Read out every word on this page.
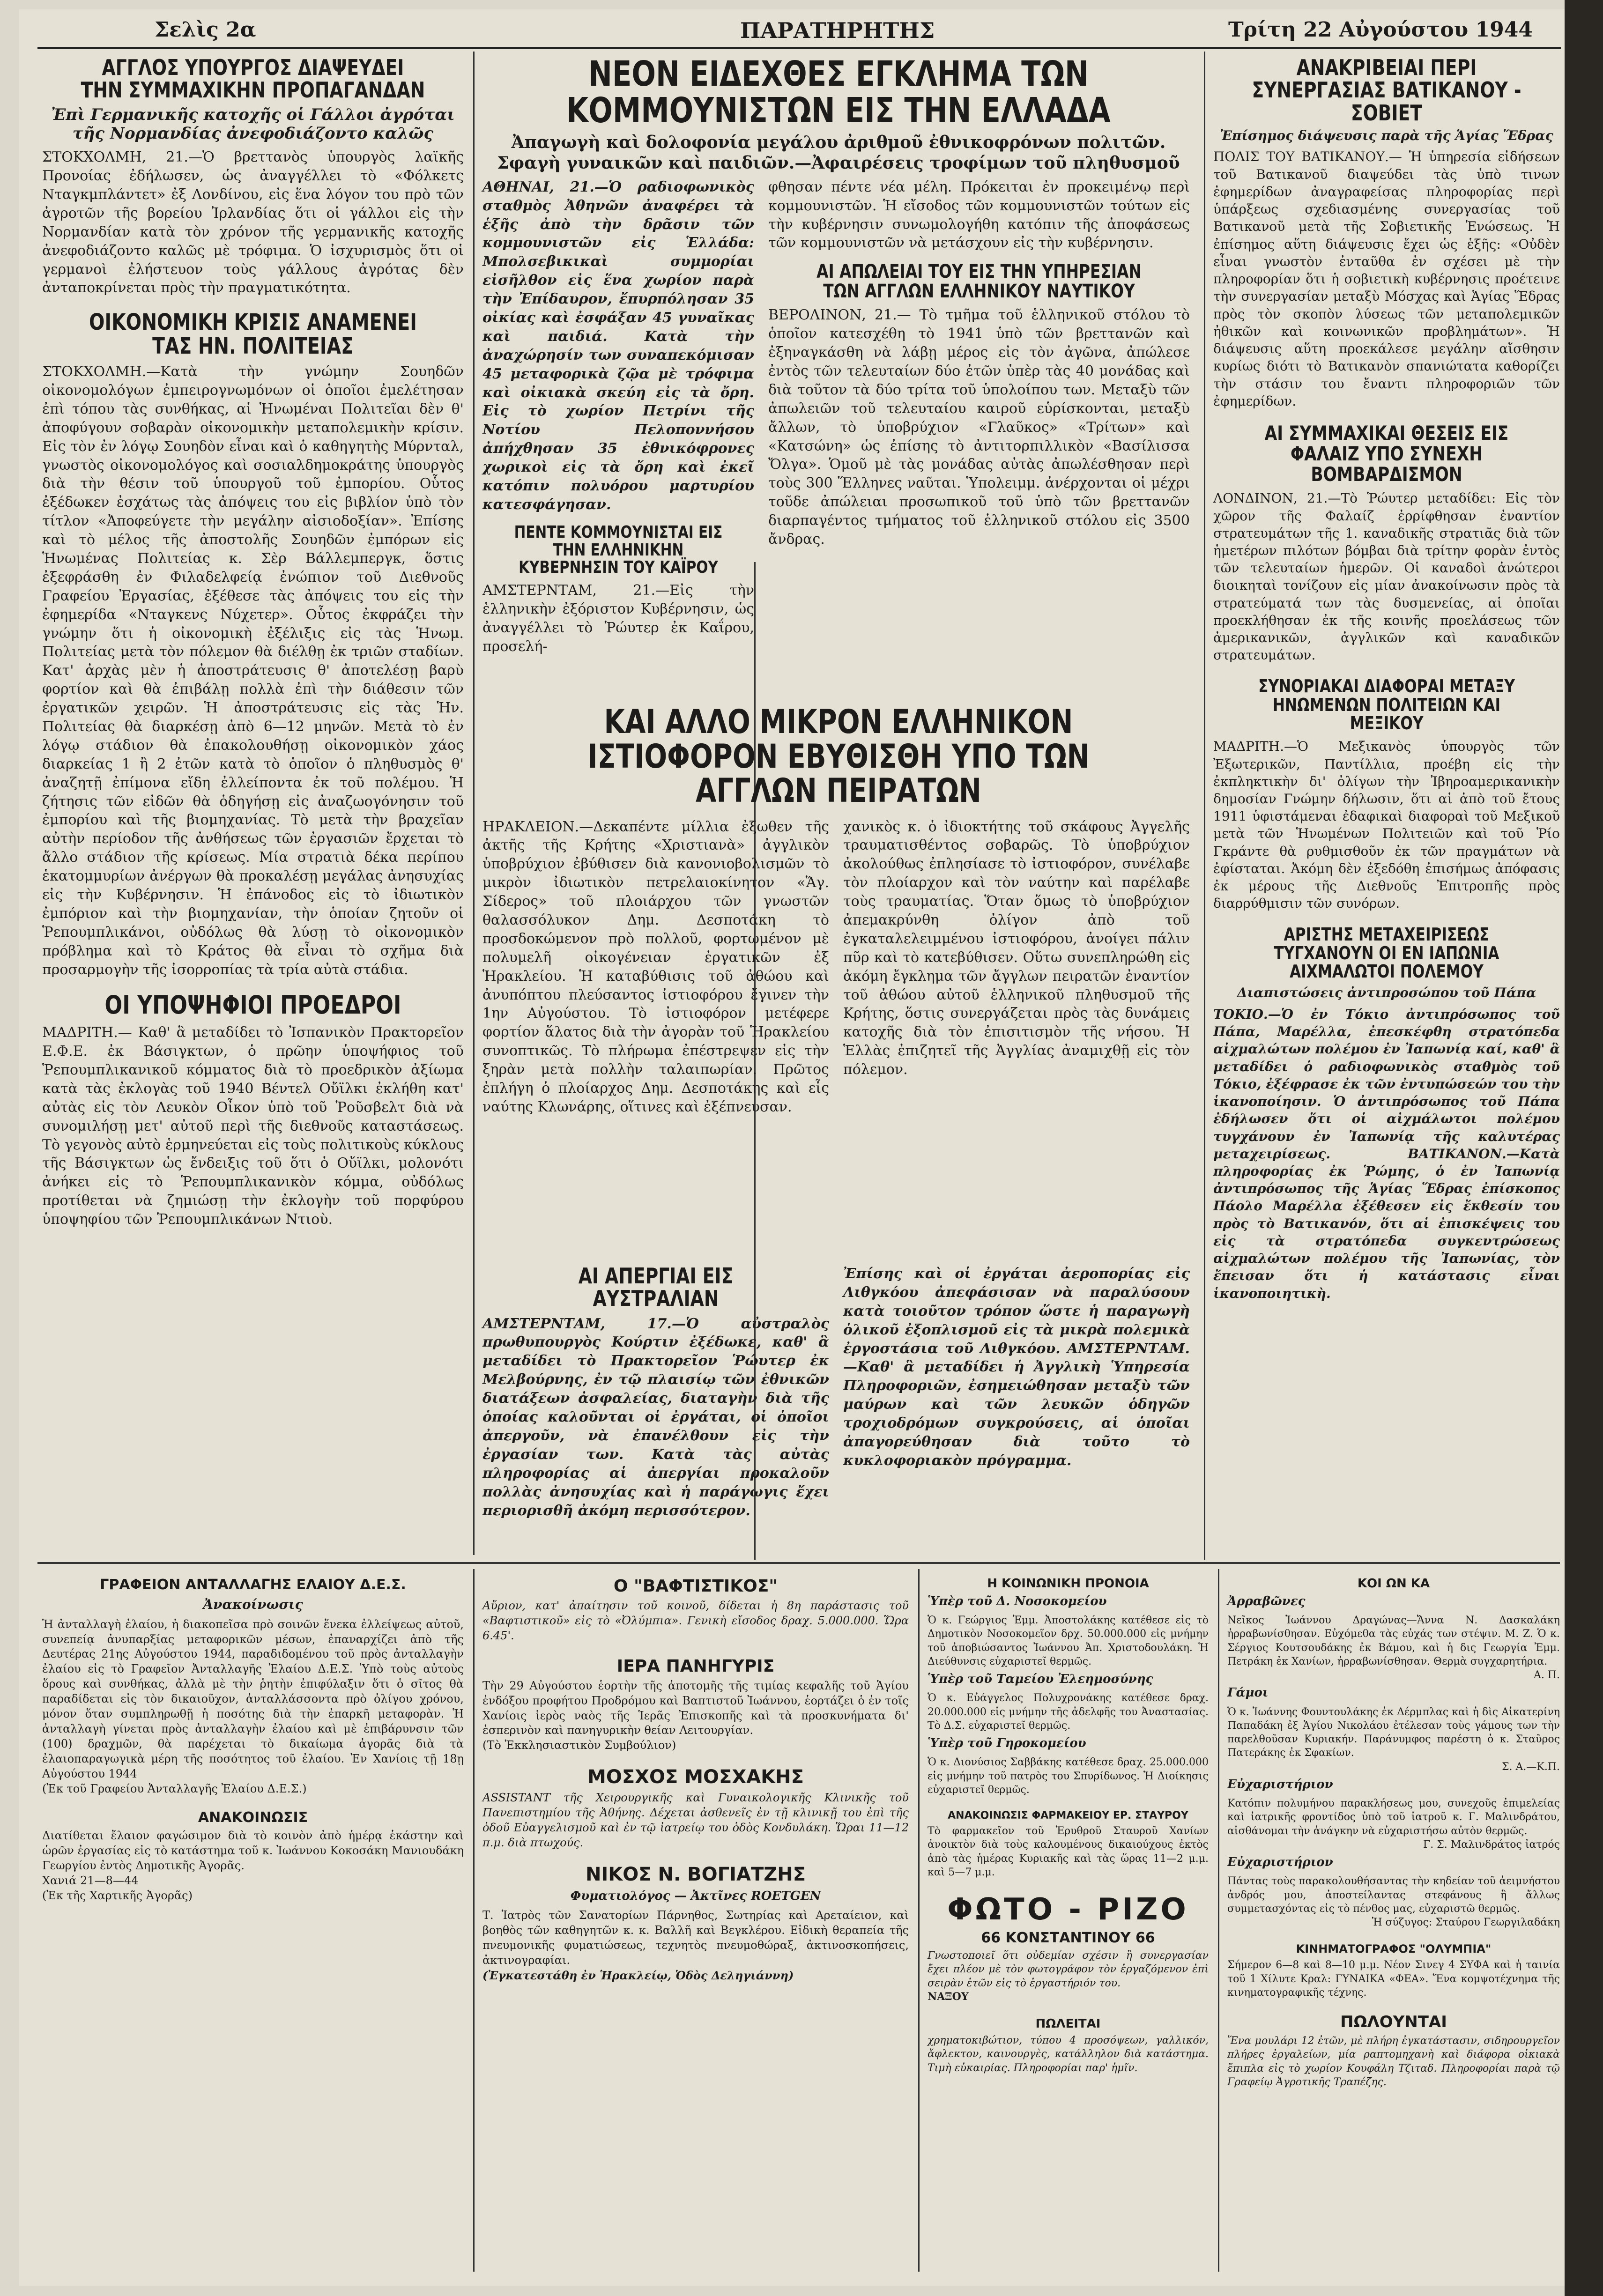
Σελὶς 2α	ΠΑΡΑΤΗΡΗΤΗΣ	Τρίτη 22 Αὐγούστου 1944
ΑΓΓΛΟΣ ΥΠΟΥΡΓΟΣ ΔΙΑΨΕΥΔΕΙ ΤΗΝ ΣΥΜΜΑΧΙΚΗΝ ΠΡΟΠΑΓΑΝΔΑΝ
Ἐπὶ Γερμανικῆς κατοχῆς οἱ Γάλλοι ἀγρόται τῆς Νορμανδίας ἀνεφοδιάζοντο καλῶς
ΣΤΟΚΧΟΛΜΗ, 21.—Ὁ βρεττανὸς ὑπουργὸς λαϊκῆς Προνοίας ἐδήλωσεν, ὡς ἀναγγέλλει τὸ «Φόλκετς Νταγκμπλάντετ» ἐξ Λονδίνου, εἰς ἕνα λόγον του πρὸ τῶν ἀγροτῶν τῆς βορείου Ἰρλανδίας ὅτι οἱ γάλλοι εἰς τὴν Νορμανδίαν κατὰ τὸν χρόνον τῆς γερμανικῆς κατοχῆς ἀνεφοδιάζοντο καλῶς μὲ τρόφιμα. Ὁ ἰσχυρισμὸς ὅτι οἱ γερμανοὶ ἐλήστευον τοὺς γάλλους ἀγρότας δὲν ἀνταποκρίνεται πρὸς τὴν πραγματικότητα.
ΟΙΚΟΝΟΜΙΚΗ ΚΡΙΣΙΣ ΑΝΑΜΕΝΕΙ ΤΑΣ ΗΝ. ΠΟΛΙΤΕΙΑΣ
ΣΤΟΚΧΟΛΜΗ.—Κατὰ τὴν γνώμην Σουηδῶν οἰκονομολόγων ἐμπειρογνωμόνων οἱ ὁποῖοι ἐμελέτησαν ἐπὶ τόπου τὰς συνθήκας, αἱ Ἡνωμέναι Πολιτεῖαι δὲν θ' ἀποφύγουν σοβαρὰν οἰκονομικὴν μεταπολεμικὴν κρίσιν. Εἰς τὸν ἐν λόγῳ Σουηδὸν εἶναι καὶ ὁ καθηγητὴς Μύρνταλ, γνωστὸς οἰκονομολόγος καὶ σοσιαλδημοκράτης ὑπουργὸς διὰ τὴν θέσιν τοῦ ὑπουργοῦ τοῦ ἐμπορίου. Οὗτος ἐξέδωκεν ἐσχάτως τὰς ἀπόψεις του εἰς βιβλίον ὑπὸ τὸν τίτλον «Ἀποφεύγετε τὴν μεγάλην αἰσιοδοξίαν». Ἐπίσης καὶ τὸ μέλος τῆς ἀποστολῆς Σουηδῶν ἐμπόρων εἰς Ἡνωμένας Πολιτείας κ. Σὲρ Βάλλεμπεργκ, ὅστις ἐξεφράσθη ἐν Φιλαδελφείᾳ ἐνώπιον τοῦ Διεθνοῦς Γραφείου Ἐργασίας, ἐξέθεσε τὰς ἀπόψεις του εἰς τὴν ἐφημερίδα «Νταγκενς Νύχετερ». Οὗτος ἐκφράζει τὴν γνώμην ὅτι ἡ οἰκονομικὴ ἐξέλιξις εἰς τὰς Ἡνωμ. Πολιτείας μετὰ τὸν πόλεμον θὰ διέλθῃ ἐκ τριῶν σταδίων. Κατ' ἀρχὰς μὲν ἡ ἀποστράτευσις θ' ἀποτελέσῃ βαρὺ φορτίον καὶ θὰ ἐπιβάλῃ πολλὰ ἐπὶ τὴν διάθεσιν τῶν ἐργατικῶν χειρῶν. Ἡ ἀποστράτευσις εἰς τὰς Ἡν. Πολιτείας θὰ διαρκέσῃ ἀπὸ 6—12 μηνῶν. Μετὰ τὸ ἐν λόγῳ στάδιον θὰ ἐπακολουθήσῃ οἰκονομικὸν χάος διαρκείας 1 ἢ 2 ἐτῶν κατὰ τὸ ὁποῖον ὁ πληθυσμὸς θ' ἀναζητῇ ἐπίμονα εἴδη ἐλλείποντα ἐκ τοῦ πολέμου. Ἡ ζήτησις τῶν εἰδῶν θὰ ὁδηγήσῃ εἰς ἀναζωογόνησιν τοῦ ἐμπορίου καὶ τῆς βιομηχανίας. Τὸ μετὰ τὴν βραχεῖαν αὐτὴν περίοδον τῆς ἀνθήσεως τῶν ἐργασιῶν ἔρχεται τὸ ἄλλο στάδιον τῆς κρίσεως. Μία στρατιὰ δέκα περίπου ἑκατομμυρίων ἀνέργων θὰ προκαλέσῃ μεγάλας ἀνησυχίας εἰς τὴν Κυβέρνησιν. Ἡ ἐπάνοδος εἰς τὸ ἰδιωτικὸν ἐμπόριον καὶ τὴν βιομηχανίαν, τὴν ὁποίαν ζητοῦν οἱ Ῥεπουμπλικάνοι, οὐδόλως θὰ λύσῃ τὸ οἰκονομικὸν πρόβλημα καὶ τὸ Κράτος θὰ εἶναι τὸ σχῆμα διὰ προσαρμογὴν τῆς ἰσορροπίας τὰ τρία αὐτὰ στάδια.
ΟΙ ΥΠΟΨΗΦΙΟΙ ΠΡΟΕΔΡΟΙ
ΜΑΔΡΙΤΗ.— Καθ' ἃ μεταδίδει τὸ Ἰσπανικὸν Πρακτορεῖον Ε.Φ.Ε. ἐκ Βάσιγκτων, ὁ πρῶην ὑποψήφιος τοῦ Ῥεπουμπλικανικοῦ κόμματος διὰ τὸ προεδρικὸν ἀξίωμα κατὰ τὰς ἐκλογὰς τοῦ 1940 Βέντελ Οὔϊλκι ἐκλήθη κατ' αὐτὰς εἰς τὸν Λευκὸν Οἶκον ὑπὸ τοῦ Ῥοῦσβελτ διὰ νὰ συνομιλήσῃ μετ' αὐτοῦ περὶ τῆς διεθνοῦς καταστάσεως. Τὸ γεγονὸς αὐτὸ ἑρμηνεύεται εἰς τοὺς πολιτικοὺς κύκλους τῆς Βάσιγκτων ὡς ἔνδειξις τοῦ ὅτι ὁ Οὔϊλκι, μολονότι ἀνήκει εἰς τὸ Ῥεπουμπλικανικὸν κόμμα, οὐδόλως προτίθεται νὰ ζημιώσῃ τὴν ἐκλογὴν τοῦ πορφύρου ὑποψηφίου τῶν Ῥεπουμπλικάνων Ντιοὺ.
ΝΕΟΝ ΕΙΔΕΧΘΕΣ ΕΓΚΛΗΜΑ ΤΩΝ ΚΟΜΜΟΥΝΙΣΤΩΝ ΕΙΣ ΤΗΝ ΕΛΛΑΔΑ
Ἀπαγωγὴ καὶ δολοφονία μεγάλου ἀριθμοῦ ἐθνικοφρόνων πολιτῶν. Σφαγὴ γυναικῶν καὶ παιδιῶν.—Ἀφαιρέσεις τροφίμων τοῦ πληθυσμοῦ
ΑΘΗΝΑΙ, 21.—Ὁ ραδιοφωνικὸς σταθμὸς Ἀθηνῶν ἀναφέρει τὰ ἑξῆς ἀπὸ τὴν δρᾶσιν τῶν κομμουνιστῶν εἰς Ἑλλάδα: Μπολσεβικικαὶ συμμορίαι εἰσῆλθον εἰς ἕνα χωρίον παρὰ τὴν Ἐπίδαυρον, ἔπυρπόλησαν 35 οἰκίας καὶ ἐσφάξαν 45 γυναῖκας καὶ παιδιά. Κατὰ τὴν ἀναχώρησίν των συναπεκόμισαν 45 μεταφορικὰ ζῷα μὲ τρόφιμα καὶ οἰκιακὰ σκεύη εἰς τὰ ὄρη. Εἰς τὸ χωρίον Πετρίνι τῆς Νοτίου Πελοποννήσου ἀπήχθησαν 35 ἐθνικόφρονες χωρικοὶ εἰς τὰ ὄρη καὶ ἐκεῖ κατόπιν πολυόρου μαρτυρίου κατεσφάγησαν.
ΠΕΝΤΕ ΚΟΜΜΟΥΝΙΣΤΑΙ ΕΙΣ ΤΗΝ ΕΛΛΗΝΙΚΗΝ ΚΥΒΕΡΝΗΣΙΝ ΤΟΥ ΚΑΪΡΟΥ
ΑΜΣΤΕΡΝΤΑΜ, 21.—Εἰς τὴν ἑλληνικὴν ἐξόριστον Κυβέρνησιν, ὡς ἀναγγέλλει τὸ Ῥώυτερ ἐκ Καΐρου, προσελή-
φθησαν πέντε νέα μέλη. Πρόκειται ἐν προκειμένῳ περὶ κομμουνιστῶν. Ἡ εἴσοδος τῶν κομμουνιστῶν τούτων εἰς τὴν κυβέρνησιν συνωμολογήθη κατόπιν τῆς ἀποφάσεως τῶν κομμουνιστῶν νὰ μετάσχουν εἰς τὴν κυβέρνησιν.
ΑΙ ΑΠΩΛΕΙΑΙ ΤΟΥ ΕΙΣ ΤΗΝ ΥΠΗΡΕΣΙΑΝ ΤΩΝ ΑΓΓΛΩΝ ΕΛΛΗΝΙΚΟΥ ΝΑΥΤΙΚΟΥ
ΒΕΡΟΛΙΝΟΝ, 21.— Τὸ τμῆμα τοῦ ἑλληνικοῦ στόλου τὸ ὁποῖον κατεσχέθη τὸ 1941 ὑπὸ τῶν βρεττανῶν καὶ ἐξηναγκάσθη νὰ λάβῃ μέρος εἰς τὸν ἀγῶνα, ἀπώλεσε ἐντὸς τῶν τελευταίων δύο ἐτῶν ὑπὲρ τὰς 40 μονάδας καὶ διὰ τοῦτον τὰ δύο τρίτα τοῦ ὑπολοίπου των. Μεταξὺ τῶν ἀπωλειῶν τοῦ τελευταίου καιροῦ εὑρίσκονται, μεταξὺ ἄλλων, τὸ ὑποβρύχιον «Γλαῦκος» «Τρίτων» καὶ «Κατσώνη» ὡς ἐπίσης τὸ ἀντιτορπιλλικὸν «Βασίλισσα Ὄλγα». Ὁμοῦ μὲ τὰς μονάδας αὐτὰς ἀπωλέσθησαν περὶ τοὺς 300 Ἕλληνες ναῦται. Ὑπολειμμ. ἀνέρχονται οἱ μέχρι τοῦδε ἀπώλειαι προσωπικοῦ τοῦ ὑπὸ τῶν βρεττανῶν διαρπαγέντος τμήματος τοῦ ἑλληνικοῦ στόλου εἰς 3500 ἄνδρας.
ΚΑΙ ΑΛΛΟ ΜΙΚΡΟΝ ΕΛΛΗΝΙΚΟΝ ΙΣΤΙΟΦΟΡΟΝ ΕΒΥΘΙΣΘΗ ΥΠΟ ΤΩΝ ΑΓΓΛΩΝ ΠΕΙΡΑΤΩΝ
ΗΡΑΚΛΕΙΟΝ.—Δεκαπέντε μίλλια ἐξωθεν τῆς ἀκτῆς τῆς Κρήτης «Χριστιανὰ» ἀγγλικὸν ὑποβρύχιον ἐβύθισεν διὰ κανονιοβολισμῶν τὸ μικρὸν ἰδιωτικὸν πετρελαιοκίνητον «Ἅγ. Σίδερος» τοῦ πλοιάρχου τῶν γνωστῶν θαλασσόλυκον Δημ. Δεσποτάκη τὸ προσδοκώμενον πρὸ πολλοῦ, φορτωμένον μὲ πολυμελῆ οἰκογένειαν ἐργατικῶν ἐξ Ἡρακλείου. Ἡ καταβύθισις τοῦ ἀθώου καὶ ἀνυπόπτου πλεύσαντος ἰστιοφόρου ἔγινεν τὴν 1ην Αὐγούστου. Τὸ ἰστιοφόρον μετέφερε φορτίον ἅλατος διὰ τὴν ἀγορὰν τοῦ Ἡρακλείου συνοπτικῶς. Τὸ πλήρωμα ἐπέστρεψεν εἰς τὴν ξηρὰν μετὰ πολλὴν ταλαιπωρίαν. Πρῶτος ἐπλήγη ὁ πλοίαρχος Δημ. Δεσποτάκης καὶ εἷς ναύτης Κλωνάρης, οἵτινες καὶ ἐξέπνευσαν.
χανικὸς κ. ὁ ἰδιοκτήτης τοῦ σκάφους Ἀγγελῆς τραυματισθέντος σοβαρῶς. Τὸ ὑποβρύχιον ἀκολούθως ἐπλησίασε τὸ ἰστιοφόρον, συνέλαβε τὸν πλοίαρχον καὶ τὸν ναύτην καὶ παρέλαβε τοὺς τραυματίας. Ὅταν ὅμως τὸ ὑποβρύχιον ἀπεμακρύνθη ὀλίγον ἀπὸ τοῦ ἐγκαταλελειμμένου ἰστιοφόρου, ἀνοίγει πάλιν πῦρ καὶ τὸ κατεβύθισεν. Οὕτω συνεπληρώθη εἰς ἀκόμη ἔγκλημα τῶν ἄγγλων πειρατῶν ἐναντίον τοῦ ἀθώου αὐτοῦ ἑλληνικοῦ πληθυσμοῦ τῆς Κρήτης, ὅστις συνεργάζεται πρὸς τὰς δυνάμεις κατοχῆς διὰ τὸν ἐπισιτισμὸν τῆς νήσου. Ἡ Ἑλλὰς ἐπιζητεῖ τῆς Ἀγγλίας ἀναμιχθῇ εἰς τὸν πόλεμον.
ΑΙ ΑΠΕΡΓΙΑΙ ΕΙΣ ΑΥΣΤΡΑΛΙΑΝ
ΑΜΣΤΕΡΝΤΑΜ, 17.—Ὁ αὐστραλὸς πρωθυπουργὸς Κούρτιν ἐξέδωκε, καθ' ἃ μεταδίδει τὸ Πρακτορεῖον Ῥώυτερ ἐκ Μελβούρνης, ἐν τῷ πλαισίῳ τῶν ἐθνικῶν διατάξεων ἀσφαλείας, διαταγὴν διὰ τῆς ὁποίας καλοῦνται οἱ ἐργάται, οἱ ὁποῖοι ἀπεργοῦν, νὰ ἐπανέλθουν εἰς τὴν ἐργασίαν των. Κατὰ τὰς αὐτὰς πληροφορίας αἱ ἀπεργίαι προκαλοῦν πολλὰς ἀνησυχίας καὶ ἡ παράγωγις ἔχει περιορισθῆ ἀκόμη περισσότερον.
Ἐπίσης καὶ οἱ ἐργάται ἀεροπορίας εἰς Λιθγκόου ἀπεφάσισαν νὰ παραλύσουν κατὰ τοιοῦτον τρόπον ὥστε ἡ παραγωγὴ ὁλικοῦ ἐξοπλισμοῦ εἰς τὰ μικρὰ πολεμικὰ ἐργοστάσια τοῦ Λιθγκόου. ΑΜΣΤΕΡΝΤΑΜ.—Καθ' ἃ μεταδίδει ἡ Ἀγγλικὴ Ὑπηρεσία Πληροφοριῶν, ἐσημειώθησαν μεταξὺ τῶν μαύρων καὶ τῶν λευκῶν ὁδηγῶν τροχιοδρόμων συγκρούσεις, αἱ ὁποῖαι ἀπαγορεύθησαν διὰ τοῦτο τὸ κυκλοφοριακὸν πρόγραμμα.
ΑΝΑΚΡΙΒΕΙΑΙ ΠΕΡΙ ΣΥΝΕΡΓΑΣΙΑΣ ΒΑΤΙΚΑΝΟΥ - ΣΟΒΙΕΤ
Ἐπίσημος διάψευσις παρὰ τῆς Ἁγίας Ἕδρας
ΠΟΛΙΣ ΤΟΥ ΒΑΤΙΚΑΝΟΥ.— Ἡ ὑπηρεσία εἰδήσεων τοῦ Βατικανοῦ διαψεύδει τὰς ὑπὸ τινων ἐφημερίδων ἀναγραφείσας πληροφορίας περὶ ὑπάρξεως σχεδιασμένης συνεργασίας τοῦ Βατικανοῦ μετὰ τῆς Σοβιετικῆς Ἑνώσεως. Ἡ ἐπίσημος αὕτη διάψευσις ἔχει ὡς ἑξῆς: «Οὐδὲν εἶναι γνωστὸν ἐνταῦθα ἐν σχέσει μὲ τὴν πληροφορίαν ὅτι ἡ σοβιετικὴ κυβέρνησις προέτεινε τὴν συνεργασίαν μεταξὺ Μόσχας καὶ Ἁγίας Ἕδρας πρὸς τὸν σκοπὸν λύσεως τῶν μεταπολεμικῶν ἠθικῶν καὶ κοινωνικῶν προβλημάτων». Ἡ διάψευσις αὕτη προεκάλεσε μεγάλην αἴσθησιν κυρίως διότι τὸ Βατικανὸν σπανιώτατα καθορίζει τὴν στάσιν του ἔναντι πληροφοριῶν τῶν ἐφημερίδων.
ΑΙ ΣΥΜΜΑΧΙΚΑΙ ΘΕΣΕΙΣ ΕΙΣ ΦΑΛΑΙΖ ΥΠΟ ΣΥΝΕΧΗ ΒΟΜΒΑΡΔΙΣΜΟΝ
ΛΟΝΔΙΝΟΝ, 21.—Τὸ Ῥώυτερ μεταδίδει: Εἰς τὸν χῶρον τῆς Φαλαίζ ἐρρίφθησαν ἐναντίον στρατευμάτων τῆς 1. καναδικῆς στρατιᾶς διὰ τῶν ἡμετέρων πιλότων βόμβαι διὰ τρίτην φορὰν ἐντὸς τῶν τελευταίων ἡμερῶν. Οἱ καναδοὶ ἀνώτεροι διοικηταὶ τονίζουν εἰς μίαν ἀνακοίνωσιν πρὸς τὰ στρατεύματά των τὰς δυσμενείας, αἱ ὁποῖαι προεκλήθησαν ἐκ τῆς κοινῆς προελάσεως τῶν ἀμερικανικῶν, ἀγγλικῶν καὶ καναδικῶν στρατευμάτων.
ΣΥΝΟΡΙΑΚΑΙ ΔΙΑΦΟΡΑΙ ΜΕΤΑΞΥ ΗΝΩΜΕΝΩΝ ΠΟΛΙΤΕΙΩΝ ΚΑΙ ΜΕΞΙΚΟΥ
ΜΑΔΡΙΤΗ.—Ὁ Μεξικανὸς ὑπουργὸς τῶν Ἐξωτερικῶν, Παντίλλια, προέβη εἰς τὴν ἐκπληκτικὴν δι' ὀλίγων τὴν Ἰβηροαμερικανικὴν δημοσίαν Γνώμην δήλωσιν, ὅτι αἱ ἀπὸ τοῦ ἔτους 1911 ὑφιστάμεναι ἐδαφικαὶ διαφοραὶ τοῦ Μεξικοῦ μετὰ τῶν Ἡνωμένων Πολιτειῶν καὶ τοῦ Ῥίο Γκράντε θὰ ρυθμισθοῦν ἐκ τῶν πραγμάτων νὰ ἐφίσταται. Ἀκόμη δὲν ἐξεδόθη ἐπισήμως ἀπόφασις ἐκ μέρους τῆς Διεθνοῦς Ἐπιτροπῆς πρὸς διαρρύθμισιν τῶν συνόρων.
ΑΡΙΣΤΗΣ ΜΕΤΑΧΕΙΡΙΣΕΩΣ ΤΥΓΧΑΝΟΥΝ ΟΙ ΕΝ ΙΑΠΩΝΙΑ ΑΙΧΜΑΛΩΤΟΙ ΠΟΛΕΜΟΥ
Διαπιστώσεις ἀντιπροσώπου τοῦ Πάπα
ΤΟΚΙΟ.—Ὁ ἐν Τόκιο ἀντιπρόσωπος τοῦ Πάπα, Μαρέλλα, ἐπεσκέφθη στρατόπεδα αἰχμαλώτων πολέμου ἐν Ἰαπωνίᾳ καί, καθ' ἃ μεταδίδει ὁ ραδιοφωνικὸς σταθμὸς τοῦ Τόκιο, ἐξέφρασε ἐκ τῶν ἐντυπώσεών του τὴν ἱκανοποίησιν. Ὁ ἀντιπρόσωπος τοῦ Πάπα ἐδήλωσεν ὅτι οἱ αἰχμάλωτοι πολέμου τυγχάνουν ἐν Ἰαπωνίᾳ τῆς καλυτέρας μεταχειρίσεως. ΒΑΤΙΚΑΝΟΝ.—Κατὰ πληροφορίας ἐκ Ῥώμης, ὁ ἐν Ἰαπωνίᾳ ἀντιπρόσωπος τῆς Ἁγίας Ἕδρας ἐπίσκοπος Πάολο Μαρέλλα ἐξέθεσεν εἰς ἔκθεσίν του πρὸς τὸ Βατικανόν, ὅτι αἱ ἐπισκέψεις του εἰς τὰ στρατόπεδα συγκεντρώσεως αἰχμαλώτων πολέμου τῆς Ἰαπωνίας, τὸν ἔπεισαν ὅτι ἡ κατάστασις εἶναι ἱκανοποιητικὴ.
ΓΡΑΦΕΙΟΝ ΑΝΤΑΛΛΑΓΗΣ ΕΛΑΙΟΥ Δ.Ε.Σ.
Ἀνακοίνωσις
Ἡ ἀνταλλαγὴ ἐλαίου, ἡ διακοπεῖσα πρὸ σοινῶν ἕνεκα ἐλλείψεως αὐτοῦ, συνεπείᾳ ἀνυπαρξίας μεταφορικῶν μέσων, ἐπαναρχίζει ἀπὸ τῆς Δευτέρας 21ης Αὐγούστου 1944, παραδιδομένου τοῦ πρὸς ἀνταλλαγὴν ἐλαίου εἰς τὸ Γραφεῖον Ἀνταλλαγῆς Ἐλαίου Δ.Ε.Σ. Ὑπὸ τοὺς αὐτοὺς ὅρους καὶ συνθήκας, ἀλλὰ μὲ τὴν ῥητὴν ἐπιφύλαξιν ὅτι ὁ σῖτος θὰ παραδίδεται εἰς τὸν δικαιοῦχον, ἀνταλλάσσοντα πρὸ ὀλίγου χρόνου, μόνον ὅταν συμπληρωθῇ ἡ ποσότης διὰ τὴν ἐπαρκῆ μεταφορὰν. Ἡ ἀνταλλαγὴ γίνεται πρὸς ἀνταλλαγὴν ἐλαίου καὶ μὲ ἐπιβάρυνσιν τῶν (100) δραχμῶν, θὰ παρέχεται τὸ δικαίωμα ἀγορᾶς διὰ τὰ ἐλαιοπαραγωγικὰ μέρη τῆς ποσότητος τοῦ ἐλαίου. Ἐν Χανίοις τῇ 18ῃ Αὐγούστου 1944
(Ἐκ τοῦ Γραφείου Ἀνταλλαγῆς Ἐλαίου Δ.Ε.Σ.)
ΑΝΑΚΟΙΝΩΣΙΣ
Διατίθεται ἔλαιον φαγώσιμον διὰ τὸ κοινὸν ἀπὸ ἡμέρᾳ ἑκάστην καὶ ὡρῶν ἐργασίας εἰς τὸ κατάστημα τοῦ κ. Ἰωάννου Κοκοσάκη Μανιουδάκη Γεωργίου ἐντὸς Δημοτικῆς Ἀγορᾶς.
Χανιά 21—8—44
(Ἐκ τῆς Χαρτικῆς Ἀγορᾶς)
Ο "ΒΑΦΤΙΣΤΙΚΟΣ"
Αὔριον, κατ' ἀπαίτησιν τοῦ κοινοῦ, δίδεται ἡ 8η παράστασις τοῦ «Βαφτιστικοῦ» εἰς τὸ «Ὀλύμπια». Γενικὴ εἴσοδος δραχ. 5.000.000. Ὥρα 6.45'.
ΙΕΡΑ ΠΑΝΗΓΥΡΙΣ
Τὴν 29 Αὐγούστου ἑορτὴν τῆς ἀποτομῆς τῆς τιμίας κεφαλῆς τοῦ Ἁγίου ἐνδόξου προφήτου Προδρόμου καὶ Βαπτιστοῦ Ἰωάννου, ἑορτάζει ὁ ἐν τοῖς Χανίοις ἱερὸς ναὸς τῆς Ἱερᾶς Ἐπισκοπῆς καὶ τὰ προσκυνήματα δι' ἑσπερινὸν καὶ πανηγυρικὴν θείαν Λειτουργίαν.
(Τὸ Ἐκκλησιαστικὸν Συμβούλιον)
ΜΟΣΧΟΣ ΜΟΣΧΑΚΗΣ
ASSISTANT τῆς Χειρουργικῆς καὶ Γυναικολογικῆς Κλινικῆς τοῦ Πανεπιστημίου τῆς Ἀθήνης. Δέχεται ἀσθενεῖς ἐν τῇ κλινικῇ του ἐπὶ τῆς ὁδοῦ Εὐαγγελισμοῦ καὶ ἐν τῷ ἰατρείῳ του ὁδὸς Κονδυλάκη. Ὥραι 11—12 π.μ. διὰ πτωχούς.
ΝΙΚΟΣ Ν. ΒΟΓΙΑΤΖΗΣ
Φυματιολόγος — Ἀκτῖνες ROETGEN
Τ. Ἰατρὸς τῶν Σανατορίων Πάρνηθος, Σωτηρίας καὶ Αρεταίειον, καὶ βοηθὸς τῶν καθηγητῶν κ. κ. Βαλλῆ καὶ Βεγκλέρου. Εἰδικὴ θεραπεία τῆς πνευμονικῆς φυματιώσεως, τεχνητὸς πνευμοθώραξ, ἀκτινοσκοπήσεις, ἀκτινογραφίαι.
(Ἐγκατεστάθη ἐν Ἡρακλείῳ, Ὁδὸς Δεληγιάννη)
Η ΚΟΙΝΩΝΙΚΗ ΠΡΟΝΟΙΑ
Ὑπὲρ τοῦ Δ. Νοσοκομείου
Ὁ κ. Γεώργιος Ἐμμ. Ἀποστολάκης κατέθεσε εἰς τὸ Δημοτικὸν Νοσοκομεῖον δρχ. 50.000.000 εἰς μνήμην τοῦ ἀποβιώσαντος Ἰωάννου Ἀπ. Χριστοδουλάκη. Ἡ Διεύθυνσις εὐχαριστεῖ θερμῶς.
Ὑπὲρ τοῦ Ταμείου Ἐλεημοσύνης
Ὁ κ. Εὐάγγελος Πολυχρονάκης κατέθεσε δραχ. 20.000.000 εἰς μνήμην τῆς ἀδελφῆς του Ἀναστασίας. Τὸ Δ.Σ. εὐχαριστεῖ θερμῶς.
Ὑπὲρ τοῦ Γηροκομείου
Ὁ κ. Διονύσιος Σαββάκης κατέθεσε δραχ. 25.000.000 εἰς μνήμην τοῦ πατρὸς του Σπυρίδωνος. Ἡ Διοίκησις εὐχαριστεῖ θερμῶς.
ΑΝΑΚΟΙΝΩΣΙΣ ΦΑΡΜΑΚΕΙΟΥ ΕΡ. ΣΤΑΥΡΟΥ
Τὸ φαρμακεῖον τοῦ Ἐρυθροῦ Σταυροῦ Χανίων ἀνοικτὸν διὰ τοὺς καλουμένους δικαιούχους ἐκτὸς ἀπὸ τὰς ἡμέρας Κυριακῆς καὶ τὰς ὥρας 11—2 μ.μ. καὶ 5—7 μ.μ.
ΦΩΤΟ - ΡΙΖΟ
66 ΚΟΝΣΤΑΝΤΙΝΟΥ 66
Γνωστοποιεῖ ὅτι οὐδεμίαν σχέσιν ἢ συνεργασίαν ἔχει πλέον μὲ τὸν φωτογράφον τὸν ἐργαζόμενον ἐπὶ σειρὰν ἐτῶν εἰς τὸ ἐργαστήριόν του.
ΝΑΞΟΥ
ΠΩΛΕΙΤΑΙ
χρηματοκιβώτιον, τύπου 4 προσόψεων, γαλλικόν, ἄφλεκτον, καινουργὲς, κατάλληλον διὰ κατάστημα. Τιμὴ εὐκαιρίας. Πληροφορίαι παρ' ἡμῖν.
ΚΟΙ ΩΝ ΚΑ
Ἀρραβῶνες
Νεῖκος Ἰωάννου Δραγώνας—Ἄννα Ν. Δασκαλάκη ἠρραβωνίσθησαν. Εὐχόμεθα τὰς εὐχάς των στέψιν. Μ. Ζ. Ὁ κ. Σέργιος Κουτσουδάκης ἐκ Βάμου, καὶ ἡ δις Γεωργία Ἐμμ. Πετράκη ἐκ Χανίων, ἠρραβωνίσθησαν. Θερμὰ συγχαρητήρια.
Α. Π.
Γάμοι
Ὁ κ. Ἰωάννης Φουντουλάκης ἐκ Δέρμπλας καὶ ἡ δὶς Αἰκατερίνη Παπαδάκη ἐξ Ἁγίου Νικολάου ἐτέλεσαν τοὺς γάμους των τὴν παρελθοῦσαν Κυριακήν. Παράνυμφος παρέστη ὁ κ. Σταῦρος Πατεράκης ἐκ Σφακίων.
Σ. Α.—Κ.Π.
Εὐχαριστήριον
Κατόπιν πολυμήνου παρακλήσεως μου, συνεχοῦς ἐπιμελείας καὶ ἰατρικῆς φροντίδος ὑπὸ τοῦ ἰατροῦ κ. Γ. Μαλινδράτου, αἰσθάνομαι τὴν ἀνάγκην νὰ εὐχαριστήσω αὐτὸν θερμῶς.
Γ. Σ. Μαλινδράτος ἰατρός
Εὐχαριστήριον
Πάντας τοὺς παρακολουθήσαντας τὴν κηδείαν τοῦ ἀειμνήστου ἀνδρός μου, ἀποστείλαντας στεφάνους ἢ ἄλλως συμμετασχόντας εἰς τὸ πένθος μας, εὐχαριστῶ θερμῶς.
Ἡ σύζυγος: Σταύρου Γεωργιλαδάκη
ΚΙΝΗΜΑΤΟΓΡΑΦΟΣ "ΟΛΥΜΠΙΑ"
Σήμερον 6—8 καὶ 8—10 μ.μ. Νέον Σινεγ 4 ΣΥΦΑ καὶ ἡ ταινία τοῦ 1 Χίλυτε Κραλ: ΓΥΝΑΙΚΑ «ΦΕΑ». Ἕνα κομψοτέχνημα τῆς κινηματογραφικῆς τέχνης.
ΠΩΛΟΥΝΤΑΙ
Ἕνα μουλάρι 12 ἐτῶν, μὲ πλήρη ἐγκατάστασιν, σιδηρουργεῖον πλήρες ἐργαλείων, μία ραπτομηχανὴ καὶ διάφορα οἰκιακὰ ἔπιπλα εἰς τὸ χωρίον Κουφάλη Τζιταδ. Πληροφορίαι παρὰ τῷ Γραφείῳ Ἀγροτικῆς Τραπέζης.
